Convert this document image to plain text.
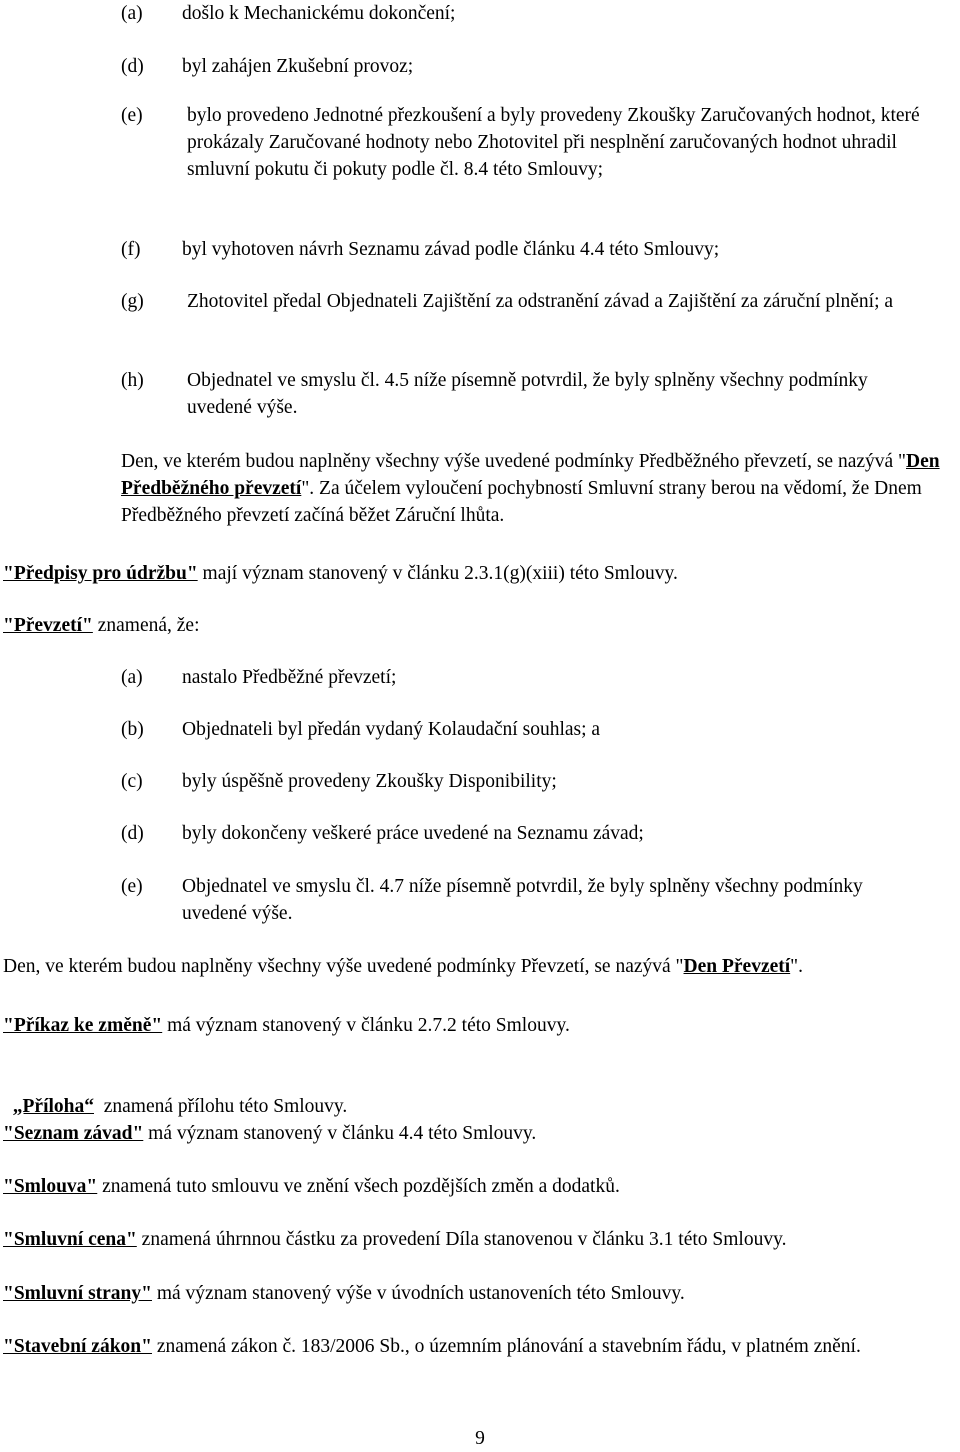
(a) došlo k Mechanickému dokončení;
(d) byl zahájen Zkušební provoz;
(e) bylo provedeno Jednotné přezkoušení a byly provedeny Zkoušky Zaručovaných hodnot, které prokázaly Zaručované hodnoty nebo Zhotovitel při nesplnění zaručovaných hodnot uhradil smluvní pokutu či pokuty podle čl. 8.4 této Smlouvy;
(f) byl vyhotoven návrh Seznamu závad podle článku 4.4 této Smlouvy;
(g) Zhotovitel předal Objednateli Zajištění za odstranění závad a Zajištění za záruční plnění; a
(h) Objednatel ve smyslu čl. 4.5 níže písemně potvrdil, že byly splněny všechny podmínky uvedené výše.
Den, ve kterém budou naplněny všechny výše uvedené podmínky Předběžného převzetí, se nazývá "Den Předběžného převzetí". Za účelem vyloučení pochybností Smluvní strany berou na vědomí, že Dnem Předběžného převzetí začíná běžet Záruční lhůta.
"Předpisy pro údržbu" mají význam stanovený v článku 2.3.1(g)(xiii) této Smlouvy.
"Převzetí" znamená, že:
(a) nastalo Předběžné převzetí;
(b) Objednateli byl předán vydaný Kolaudační souhlas; a
(c) byly úspěšně provedeny Zkoušky Disponibility;
(d) byly dokončeny veškeré práce uvedené na Seznamu závad;
(e) Objednatel ve smyslu čl. 4.7 níže písemně potvrdil, že byly splněny všechny podmínky uvedené výše.
Den, ve kterém budou naplněny všechny výše uvedené podmínky Převzetí, se nazývá "Den Převzetí".
"Příkaz ke změně" má význam stanovený v článku 2.7.2 této Smlouvy.

„Příloha“  znamená přílohu této Smlouvy.

"Seznam závad" má význam stanovený v článku 4.4 této Smlouvy.
"Smlouva" znamená tuto smlouvu ve znění všech pozdějších změn a dodatků.
"Smluvní cena" znamená úhrnnou částku za provedení Díla stanovenou v článku 3.1 této Smlouvy.
"Smluvní strany" má význam stanovený výše v úvodních ustanoveních této Smlouvy.
"Stavební zákon" znamená zákon č. 183/2006 Sb., o územním plánování a stavebním řádu, v platném znění.
9
